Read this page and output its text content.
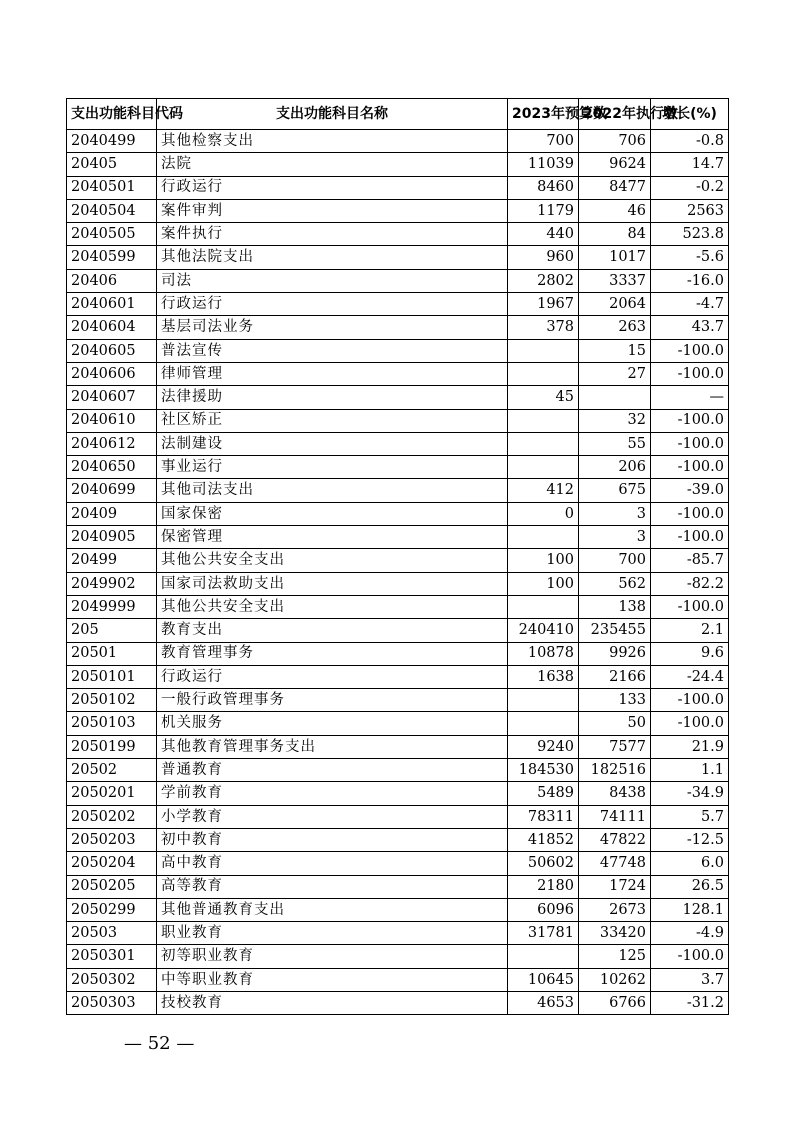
支出功能科目代码	支出功能科目名称	2023年预算数	2022年执行数	增长(%)
2040499	其他检察支出	700	706	-0.8
20405	法院	11039	9624	14.7
2040501	行政运行	8460	8477	-0.2
2040504	案件审判	1179	46	2563
2040505	案件执行	440	84	523.8
2040599	其他法院支出	960	1017	-5.6
20406	司法	2802	3337	-16.0
2040601	行政运行	1967	2064	-4.7
2040604	基层司法业务	378	263	43.7
2040605	普法宣传		15	-100.0
2040606	律师管理		27	-100.0
2040607	法律援助	45		—
2040610	社区矫正		32	-100.0
2040612	法制建设		55	-100.0
2040650	事业运行		206	-100.0
2040699	其他司法支出	412	675	-39.0
20409	国家保密	0	3	-100.0
2040905	保密管理		3	-100.0
20499	其他公共安全支出	100	700	-85.7
2049902	国家司法救助支出	100	562	-82.2
2049999	其他公共安全支出		138	-100.0
205	教育支出	240410	235455	2.1
20501	教育管理事务	10878	9926	9.6
2050101	行政运行	1638	2166	-24.4
2050102	一般行政管理事务		133	-100.0
2050103	机关服务		50	-100.0
2050199	其他教育管理事务支出	9240	7577	21.9
20502	普通教育	184530	182516	1.1
2050201	学前教育	5489	8438	-34.9
2050202	小学教育	78311	74111	5.7
2050203	初中教育	41852	47822	-12.5
2050204	高中教育	50602	47748	6.0
2050205	高等教育	2180	1724	26.5
2050299	其他普通教育支出	6096	2673	128.1
20503	职业教育	31781	33420	-4.9
2050301	初等职业教育		125	-100.0
2050302	中等职业教育	10645	10262	3.7
2050303	技校教育	4653	6766	-31.2
— 52 —
